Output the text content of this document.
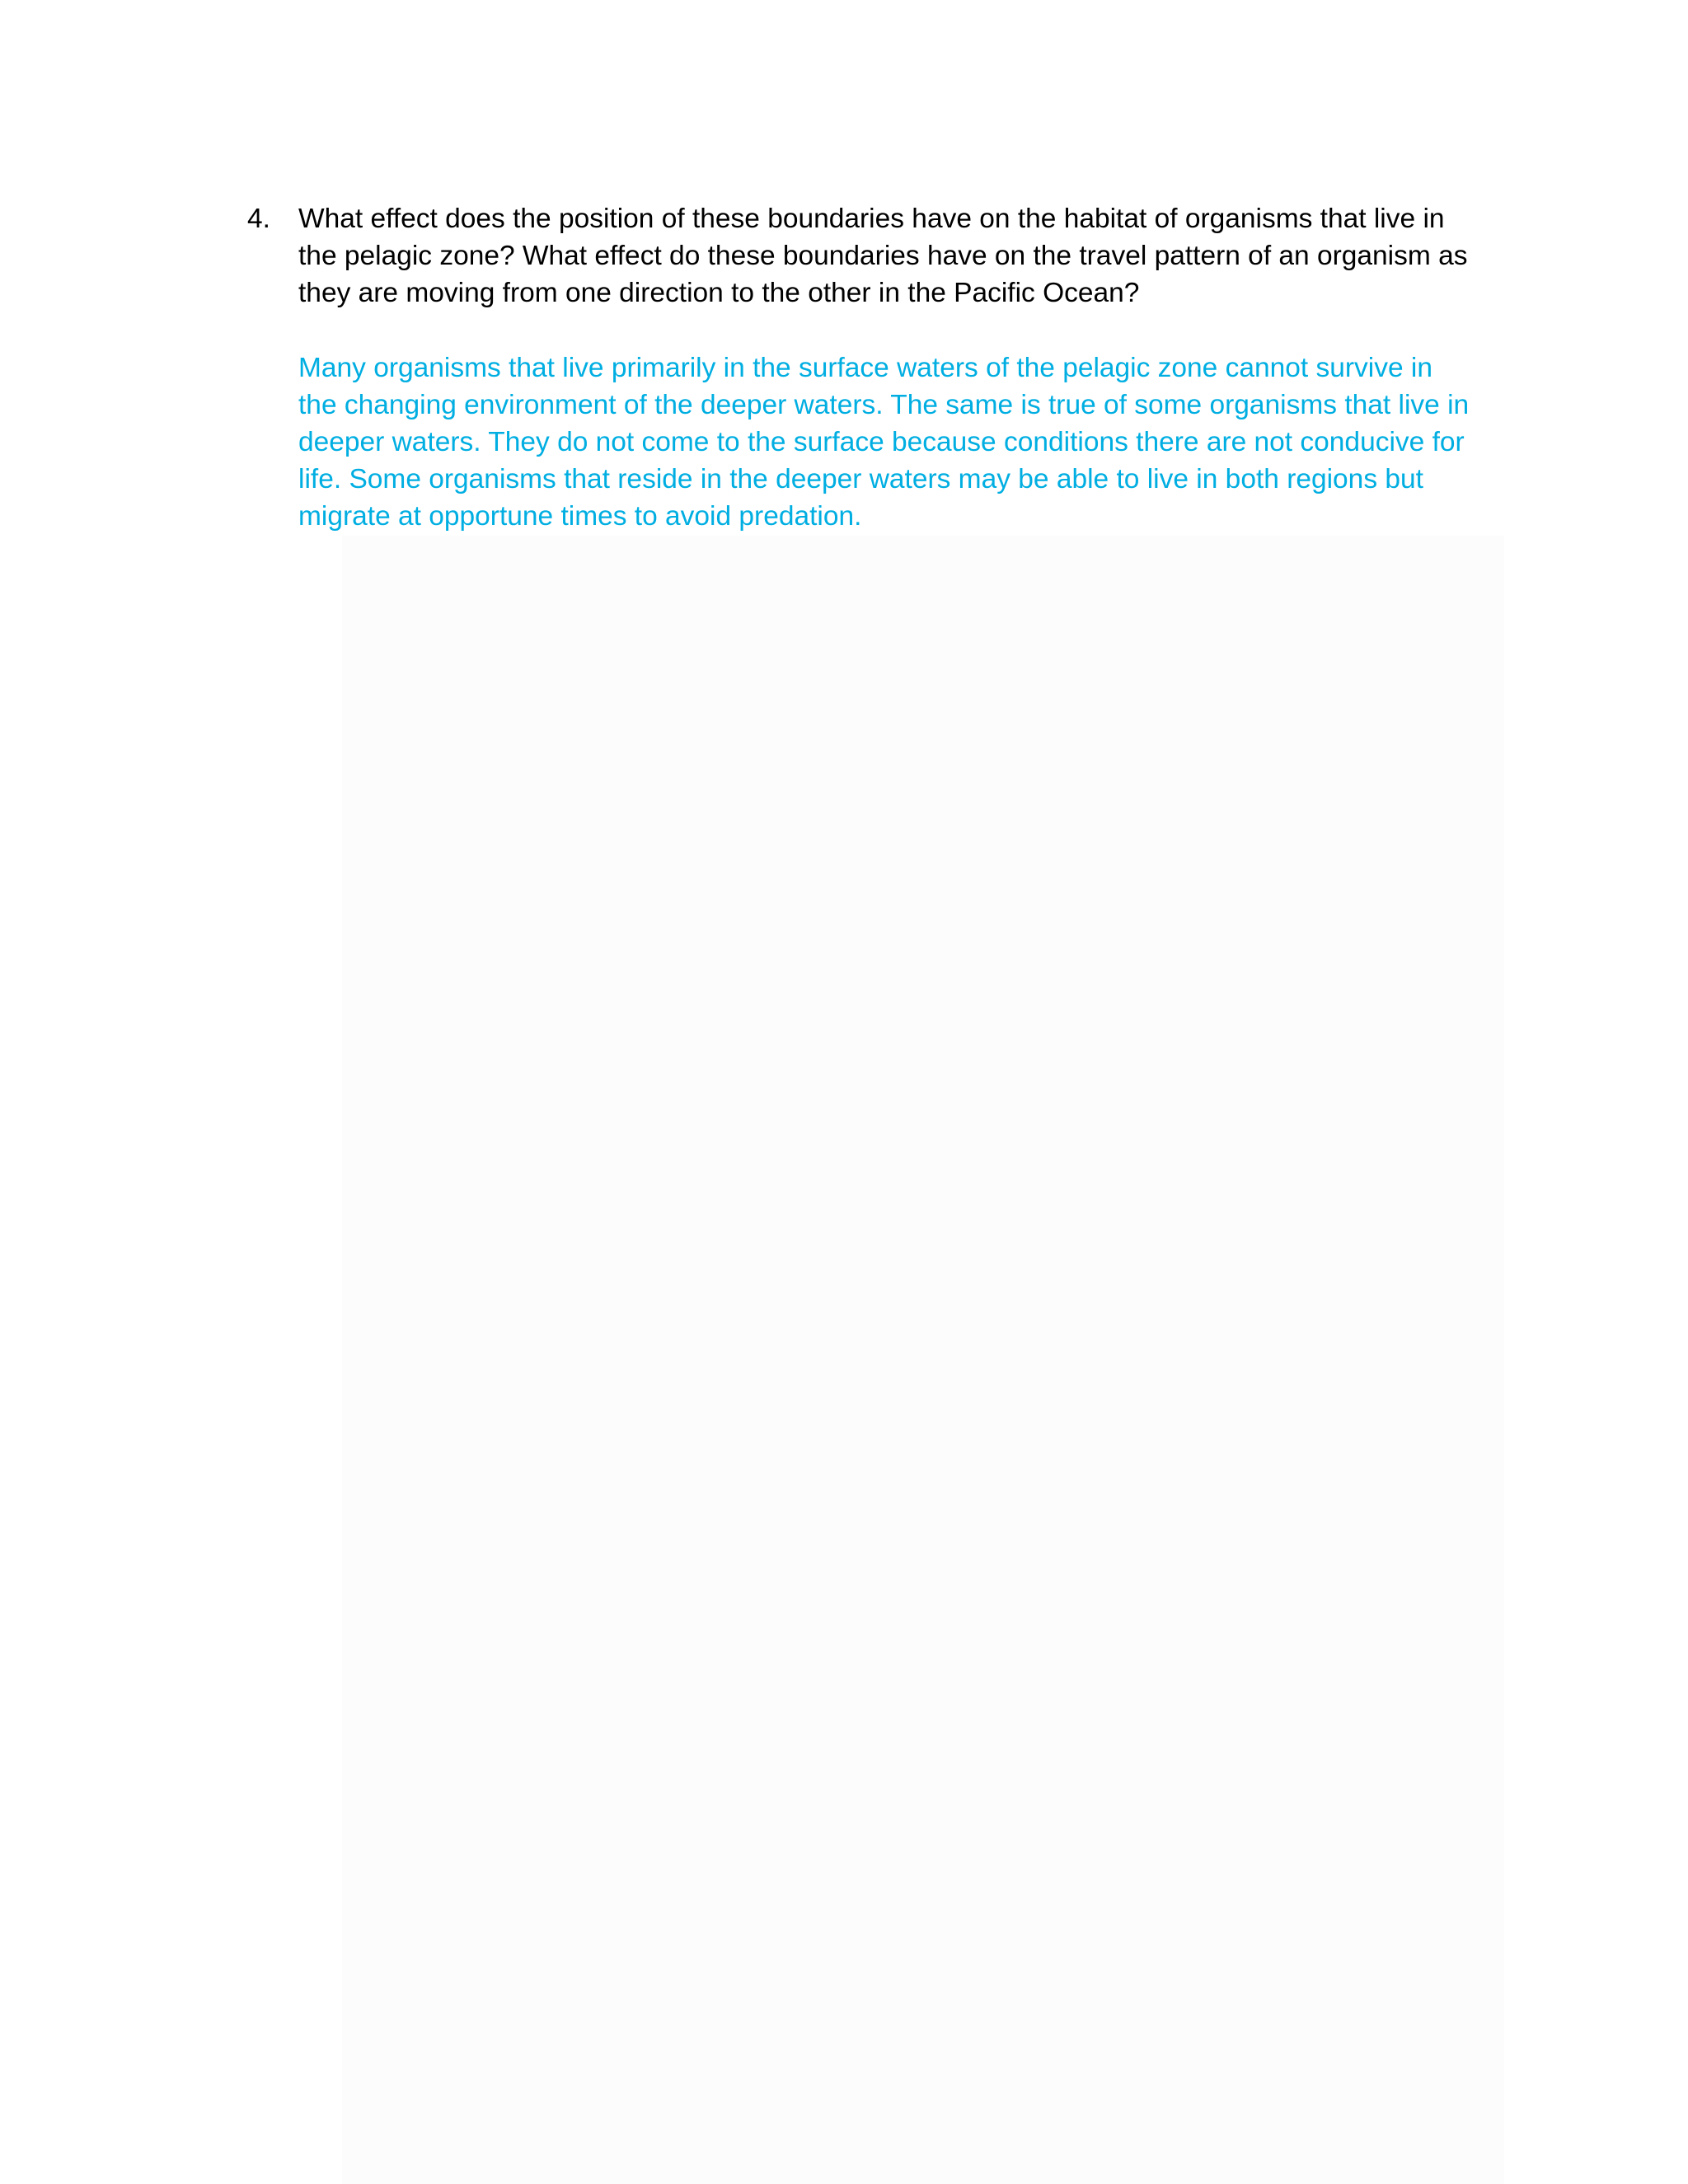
4.	What effect does the position of these boundaries have on the habitat of organisms that live in
the pelagic zone? What effect do these boundaries have on the travel pattern of an organism as
they are moving from one direction to the other in the Pacific Ocean?
Many organisms that live primarily in the surface waters of the pelagic zone cannot survive in
the changing environment of the deeper waters. The same is true of some organisms that live in
deeper waters. They do not come to the surface because conditions there are not conducive for
life. Some organisms that reside in the deeper waters may be able to live in both regions but
migrate at opportune times to avoid predation.
